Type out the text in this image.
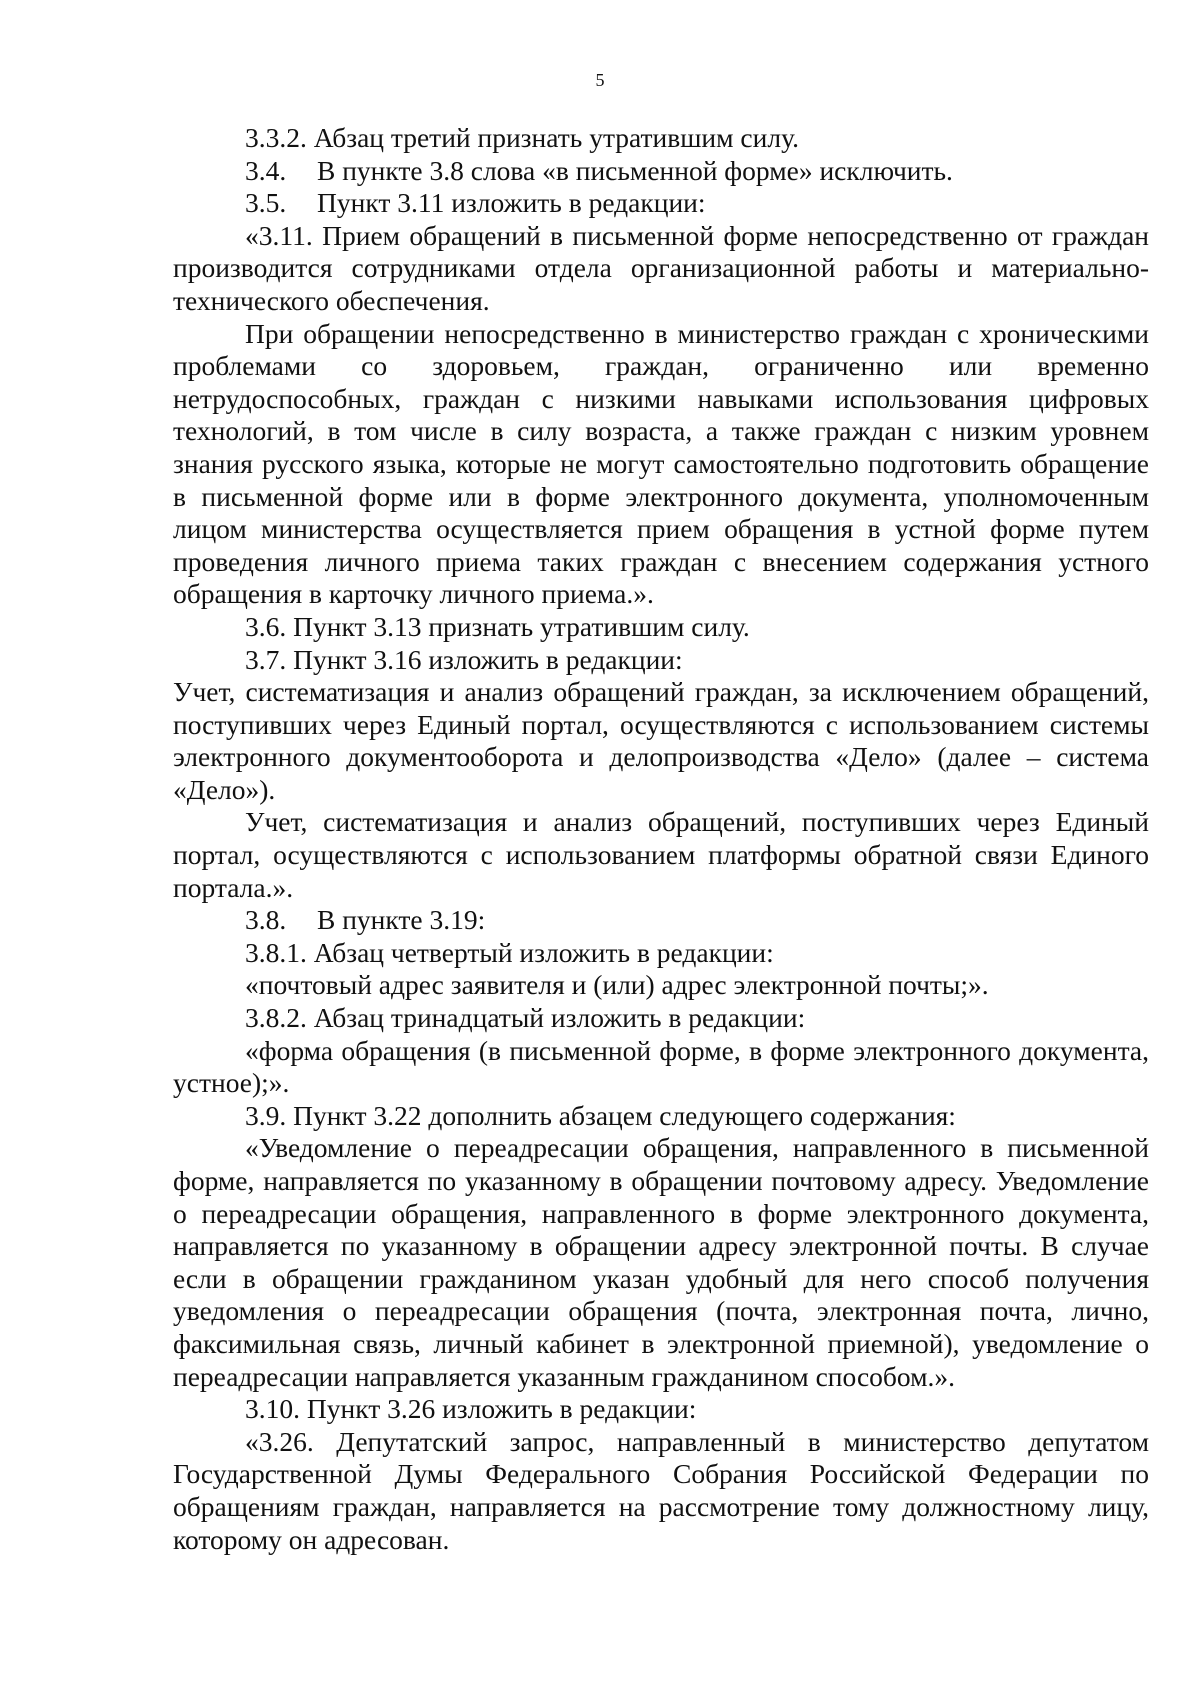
5

3.3.2. Абзац третий признать утратившим силу.

3.4. В пункте 3.8 слова «в письменной форме» исключить.

3.5. Пункт 3.11 изложить в редакции:

«3.11. Прием обращений в письменной форме непосредственно от граждан производится сотрудниками отдела организационной работы и материально-технического обеспечения.

При обращении непосредственно в министерство граждан с хроническими проблемами со здоровьем, граждан, ограниченно или временно нетрудоспособных, граждан с низкими навыками использования цифровых технологий, в том числе в силу возраста, а также граждан с низким уровнем знания русского языка, которые не могут самостоятельно подготовить обращение в письменной форме или в форме электронного документа, уполномоченным лицом министерства осуществляется прием обращения в устной форме путем проведения личного приема таких граждан с внесением содержания устного обращения в карточку личного приема.».

3.6. Пункт 3.13 признать утратившим силу.

3.7. Пункт 3.16 изложить в редакции:

Учет, систематизация и анализ обращений граждан, за исключением обращений, поступивших через Единый портал, осуществляются с использованием системы электронного документооборота и делопроизводства «Дело» (далее – система «Дело»).

Учет, систематизация и анализ обращений, поступивших через Единый портал, осуществляются с использованием платформы обратной связи Единого портала.».

3.8. В пункте 3.19:

3.8.1. Абзац четвертый изложить в редакции:

«почтовый адрес заявителя и (или) адрес электронной почты;».

3.8.2. Абзац тринадцатый изложить в редакции:

«форма обращения (в письменной форме, в форме электронного документа, устное);».

3.9. Пункт 3.22 дополнить абзацем следующего содержания:

«Уведомление о переадресации обращения, направленного в письменной форме, направляется по указанному в обращении почтовому адресу. Уведомление о переадресации обращения, направленного в форме электронного документа, направляется по указанному в обращении адресу электронной почты. В случае если в обращении гражданином указан удобный для него способ получения уведомления о переадресации обращения (почта, электронная почта, лично, факсимильная связь, личный кабинет в электронной приемной), уведомление о переадресации направляется указанным гражданином способом.».

3.10. Пункт 3.26 изложить в редакции:

«3.26. Депутатский запрос, направленный в министерство депутатом Государственной Думы Федерального Собрания Российской Федерации по обращениям граждан, направляется на рассмотрение тому должностному лицу, которому он адресован.
